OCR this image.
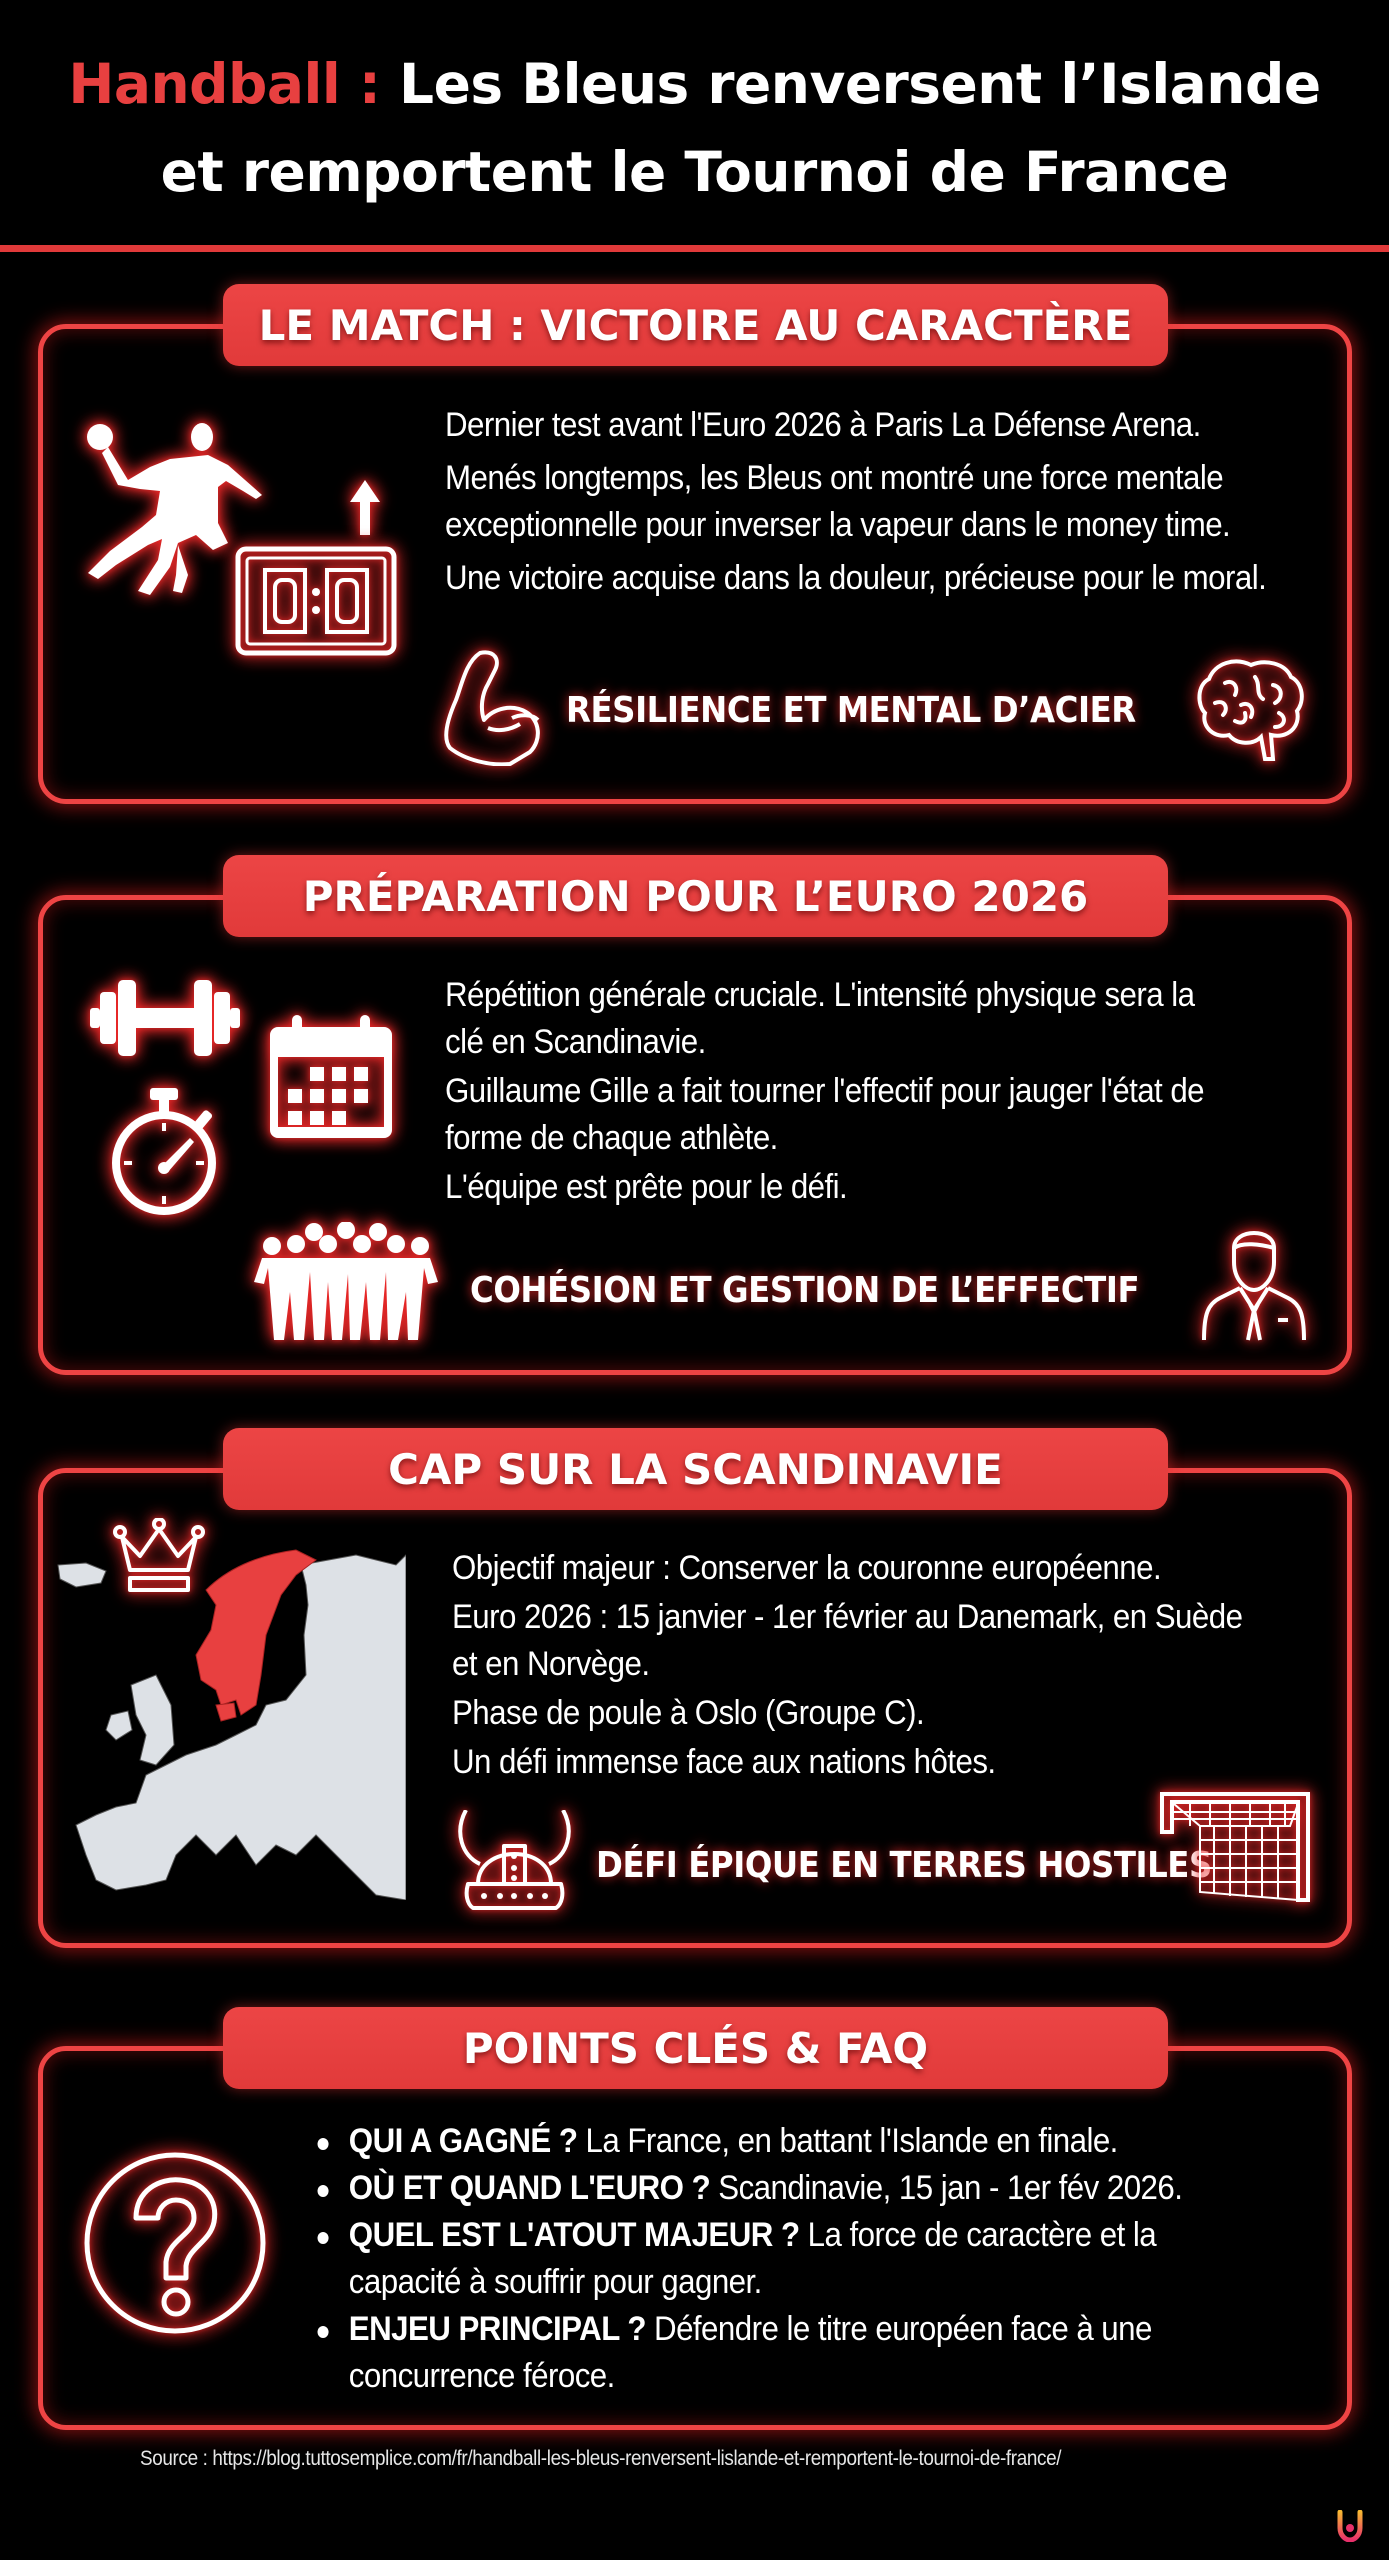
Handball : Les Bleus renversent l’Islande
et remportent le Tournoi de France
LE MATCH : VICTOIRE AU CARACTÈRE

Dernier test avant l'Euro 2026 à Paris La Défense Arena.

Menés longtemps, les Bleus ont montré une force mentale exceptionnelle pour inverser la vapeur dans le money time.

Une victoire acquise dans la douleur, précieuse pour le moral.

RÉSILIENCE ET MENTAL D’ACIER
PRÉPARATION POUR L’EURO 2026

Répétition générale cruciale. L'intensité physique sera la clé en Scandinavie.

Guillaume Gille a fait tourner l'effectif pour jauger l'état de forme de chaque athlète.

L'équipe est prête pour le défi.

COHÉSION ET GESTION DE L’EFFECTIF
CAP SUR LA SCANDINAVIE

Objectif majeur : Conserver la couronne européenne.

Euro 2026 : 15 janvier - 1er février au Danemark, en Suède et en Norvège.

Phase de poule à Oslo (Groupe C).

Un défi immense face aux nations hôtes.

DÉFI ÉPIQUE EN TERRES HOSTILES
POINTS CLÉS & FAQ
QUI A GAGNÉ ? La France, en battant l'Islande en finale.
OÙ ET QUAND L'EURO ? Scandinavie, 15 jan - 1er fév 2026.
QUEL EST L'ATOUT MAJEUR ? La force de caractère et la capacité à souffrir pour gagner.
ENJEU PRINCIPAL ? Défendre le titre européen face à une concurrence féroce.
Source : https://blog.tuttosemplice.com/fr/handball-les-bleus-renversent-lislande-et-remportent-le-tournoi-de-france/
